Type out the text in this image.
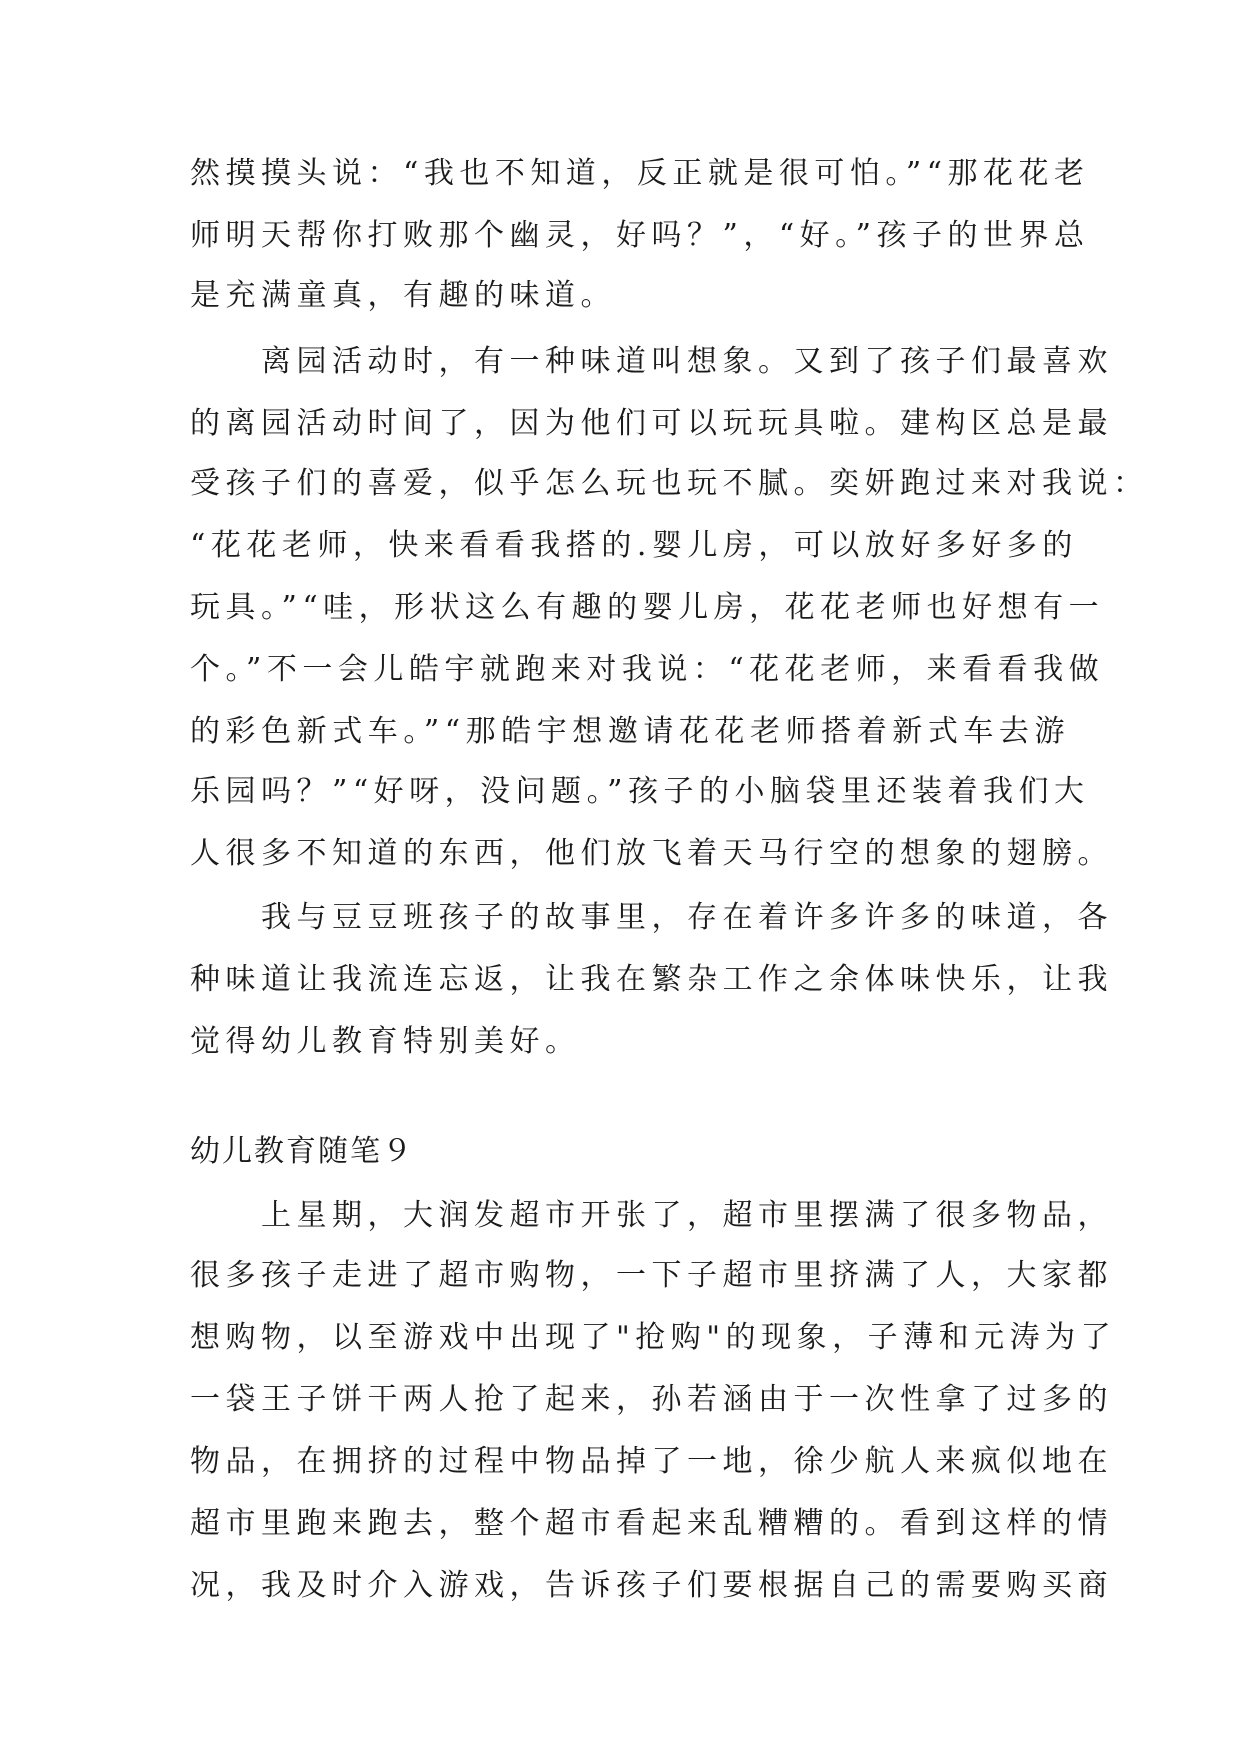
然摸摸头说：“我也不知道，反正就是很可怕。”“那花花老
师明天帮你打败那个幽灵，好吗？”，“好。”孩子的世界总
是充满童真，有趣的味道。
　　离园活动时，有一种味道叫想象。又到了孩子们最喜欢
的离园活动时间了，因为他们可以玩玩具啦。建构区总是最
受孩子们的喜爱，似乎怎么玩也玩不腻。奕妍跑过来对我说：
“花花老师，快来看看我搭的.婴儿房，可以放好多好多的
玩具。”“哇，形状这么有趣的婴儿房，花花老师也好想有一
个。”不一会儿皓宇就跑来对我说：“花花老师，来看看我做
的彩色新式车。”“那皓宇想邀请花花老师搭着新式车去游
乐园吗？”“好呀，没问题。”孩子的小脑袋里还装着我们大
人很多不知道的东西，他们放飞着天马行空的想象的翅膀。
　　我与豆豆班孩子的故事里，存在着许多许多的味道，各
种味道让我流连忘返，让我在繁杂工作之余体味快乐，让我
觉得幼儿教育特别美好。
幼儿教育随笔９
　　上星期，大润发超市开张了，超市里摆满了很多物品，
很多孩子走进了超市购物，一下子超市里挤满了人，大家都
想购物，以至游戏中出现了"抢购"的现象，子薄和元涛为了
一袋王子饼干两人抢了起来，孙若涵由于一次性拿了过多的
物品，在拥挤的过程中物品掉了一地，徐少航人来疯似地在
超市里跑来跑去，整个超市看起来乱糟糟的。看到这样的情
况，我及时介入游戏，告诉孩子们要根据自己的需要购买商
